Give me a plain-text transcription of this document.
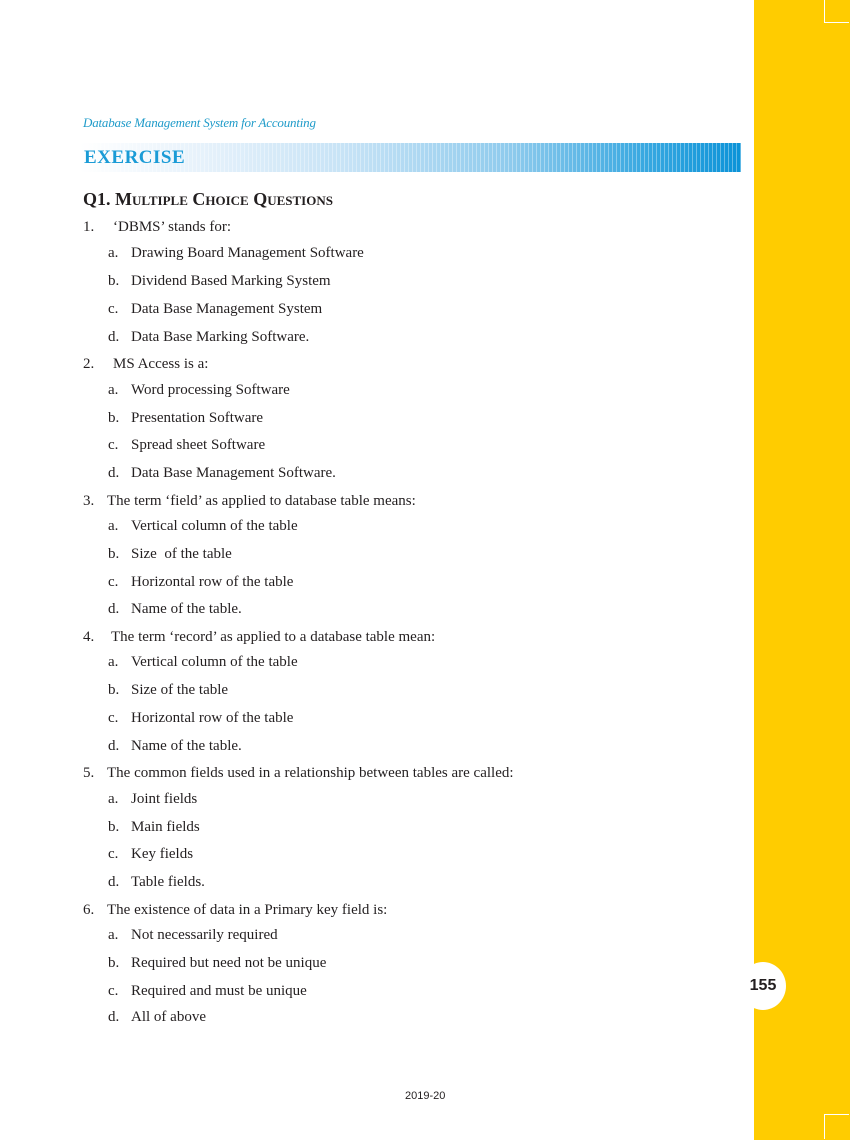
Database Management System for Accounting
EXERCISE
Q1. Multiple Choice Questions
1. ‘DBMS’ stands for:
a. Drawing Board Management Software
b. Dividend Based Marking System
c. Data Base Management System
d. Data Base Marking Software.
2. MS Access is a:
a. Word processing Software
b. Presentation Software
c. Spread sheet Software
d. Data Base Management Software.
3. The term ‘field’ as applied to database table means:
a. Vertical column of the table
b. Size  of the table
c. Horizontal row of the table
d. Name of the table.
4. The term ‘record’ as applied to a database table mean:
a. Vertical column of the table
b. Size of the table
c. Horizontal row of the table
d. Name of the table.
5. The common fields used in a relationship between tables are called:
a. Joint fields
b. Main fields
c. Key fields
d. Table fields.
6. The existence of data in a Primary key field is:
a. Not necessarily required
b. Required but need not be unique
c. Required and must be unique
d. All of above
155
2019-20
